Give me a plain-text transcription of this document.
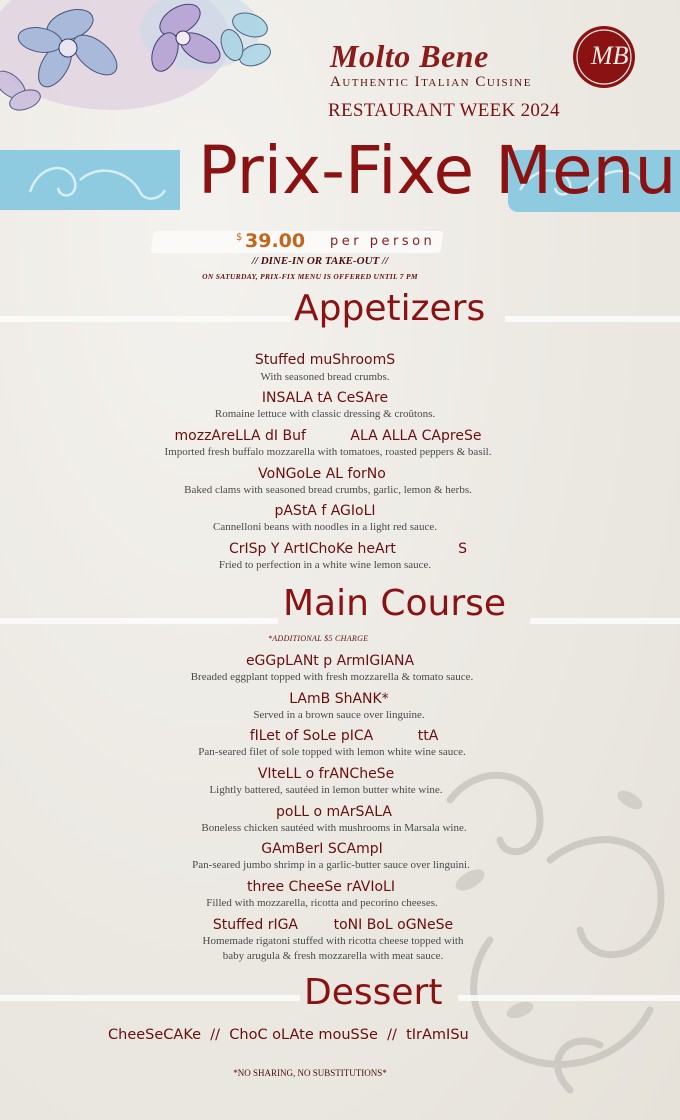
Molto Bene
Authentic Italian Cuisine
RESTAURANT WEEK 2024
MB
Prix-Fixe Menu
$ 39.00 per person
// DINE-IN OR TAKE-OUT //
ON SATURDAY, PRIX-FIX MENU IS OFFERED UNTIL 7 PM
Appetizers
Stuffed muShroomS
With seasoned bread crumbs.
INSALA tA CeSAre
Romaine lettuce with classic dressing & croûtons.
mozzAreLLA dI Buf          ALA ALLA CApreSe
Imported fresh buffalo mozzarella with tomatoes, roasted peppers & basil.
VoNGoLe AL forNo
Baked clams with seasoned bread crumbs, garlic, lemon & herbs.
pAStA f AGIoLI
Cannelloni beans with noodles in a light red sauce.
CrISp Y ArtIChoKe heArt              S
Fried to perfection in a white wine lemon sauce.
Main Course
*ADDITIONAL $5 CHARGE
eGGpLANt p ArmIGIANA
Breaded eggplant topped with fresh mozzarella & tomato sauce.
LAmB ShANK*
Served in a brown sauce over linguine.
fILet of SoLe pICA          ttA
Pan-seared filet of sole topped with lemon white wine sauce.
VIteLL o frANCheSe
Lightly battered, sautéed in lemon butter white wine.
poLL o mArSALA
Boneless chicken sautéed with mushrooms in Marsala wine.
GAmBerI SCAmpI
Pan-seared jumbo shrimp in a garlic-butter sauce over linguini.
three CheeSe rAVIoLI
Filled with mozzarella, ricotta and pecorino cheeses.
Stuffed rIGA        toNI BoL oGNeSe
Homemade rigatoni stuffed with ricotta cheese topped with
baby arugula & fresh mozzarella with meat sauce.
Dessert
CheeSeCAKe // ChoC oLAte mouSSe // tIrAmISu
*NO SHARING, NO SUBSTITUTIONS*
